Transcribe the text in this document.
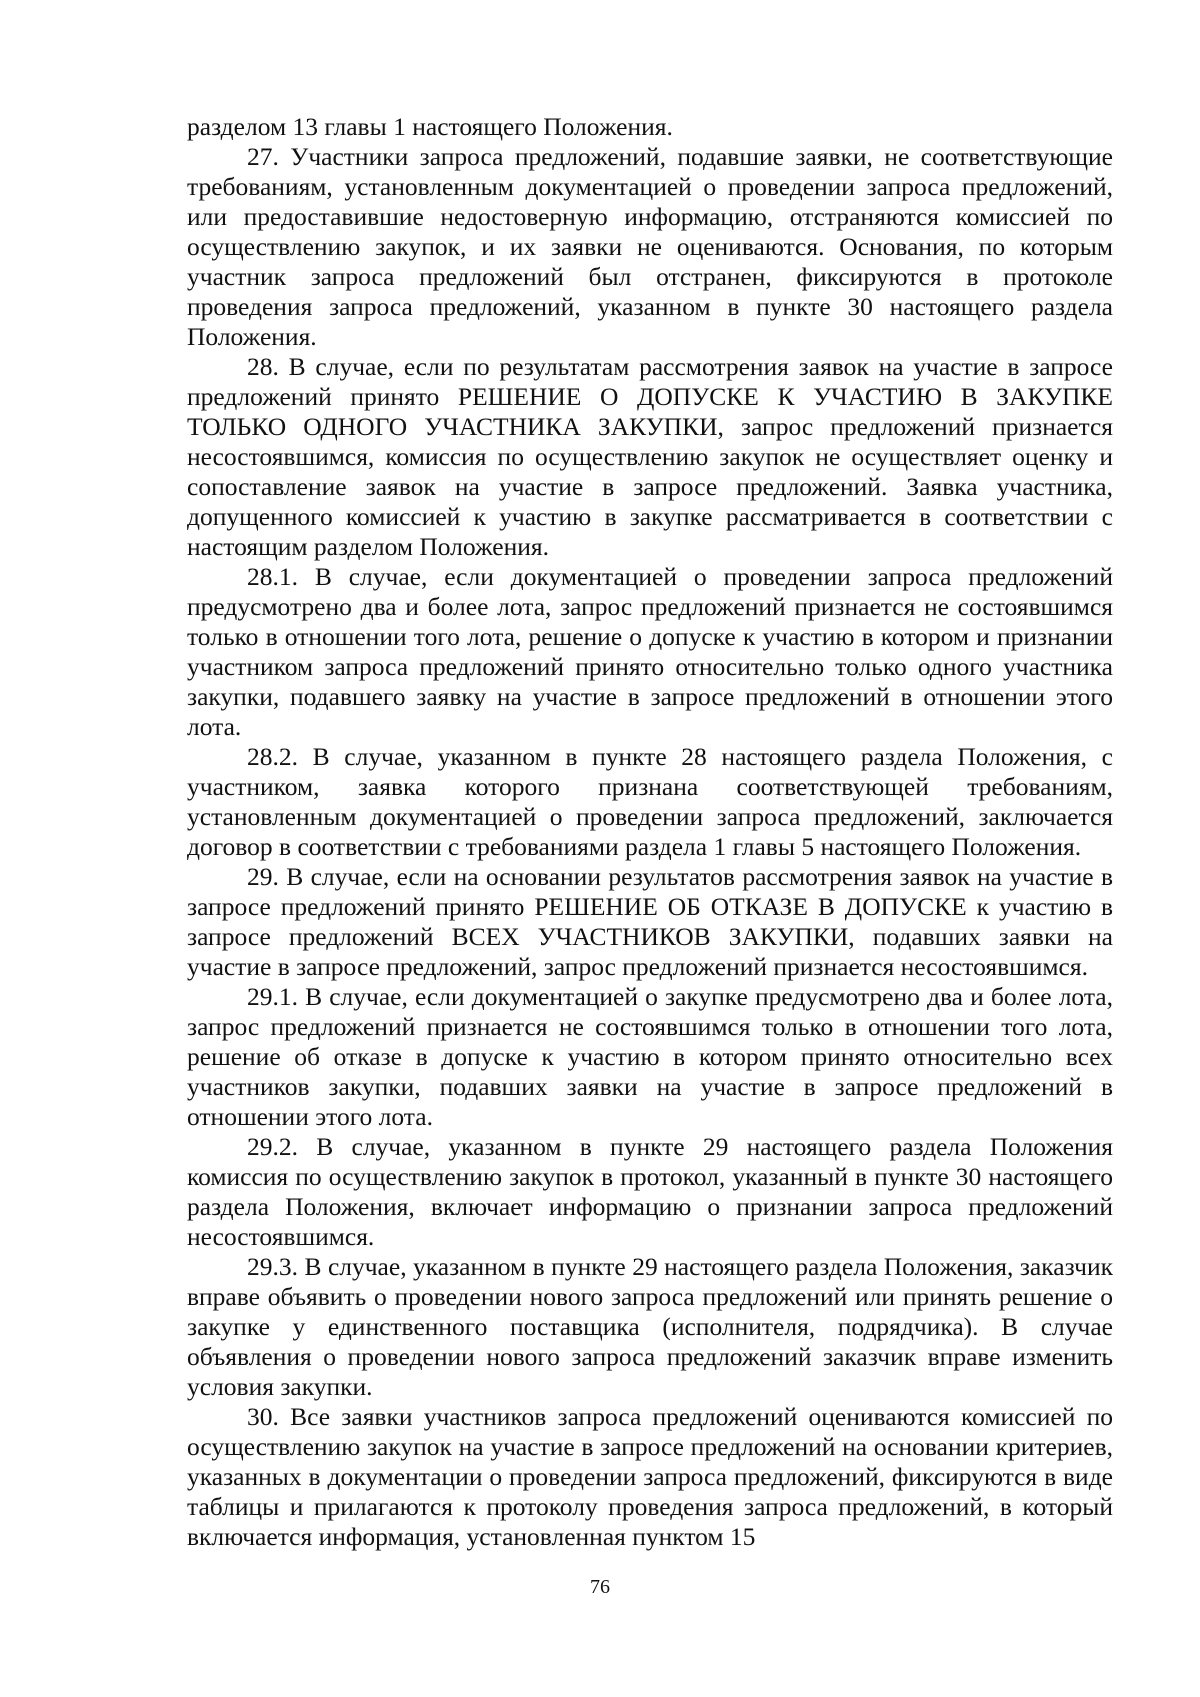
разделом 13 главы 1 настоящего Положения.

27. Участники запроса предложений, подавшие заявки, не соответствующие требованиям, установленным документацией о проведении запроса предложений, или предоставившие недостоверную информацию, отстраняются комиссией по осуществлению закупок, и их заявки не оцениваются. Основания, по которым участник запроса предложений был отстранен, фиксируются в протоколе проведения запроса предложений, указанном в пункте 30 настоящего раздела Положения.

28. В случае, если по результатам рассмотрения заявок на участие в запросе предложений принято РЕШЕНИЕ О ДОПУСКЕ К УЧАСТИЮ В ЗАКУПКЕ ТОЛЬКО ОДНОГО УЧАСТНИКА ЗАКУПКИ, запрос предложений признается несостоявшимся, комиссия по осуществлению закупок не осуществляет оценку и сопоставление заявок на участие в запросе предложений. Заявка участника, допущенного комиссией к участию в закупке рассматривается в соответствии с настоящим разделом Положения.

28.1. В случае, если документацией о проведении запроса предложений предусмотрено два и более лота, запрос предложений признается не состоявшимся только в отношении того лота, решение о допуске к участию в котором и признании участником запроса предложений принято относительно только одного участника закупки, подавшего заявку на участие в запросе предложений в отношении этого лота.

28.2. В случае, указанном в пункте 28 настоящего раздела Положения, с участником, заявка которого признана соответствующей требованиям, установленным документацией о проведении запроса предложений, заключается договор в соответствии с требованиями раздела 1 главы 5 настоящего Положения.

29. В случае, если на основании результатов рассмотрения заявок на участие в запросе предложений принято РЕШЕНИЕ ОБ ОТКАЗЕ В ДОПУСКЕ к участию в запросе предложений ВСЕХ УЧАСТНИКОВ ЗАКУПКИ, подавших заявки на участие в запросе предложений, запрос предложений признается несостоявшимся.

29.1. В случае, если документацией о закупке предусмотрено два и более лота, запрос предложений признается не состоявшимся только в отношении того лота, решение об отказе в допуске к участию в котором принято относительно всех участников закупки, подавших заявки на участие в запросе предложений в отношении этого лота.

29.2. В случае, указанном в пункте 29 настоящего раздела Положения комиссия по осуществлению закупок в протокол, указанный в пункте 30 настоящего раздела Положения, включает информацию о признании запроса предложений несостоявшимся.

29.3. В случае, указанном в пункте 29 настоящего раздела Положения, заказчик вправе объявить о проведении нового запроса предложений или принять решение о закупке у единственного поставщика (исполнителя, подрядчика). В случае объявления о проведении нового запроса предложений заказчик вправе изменить условия закупки.

30. Все заявки участников запроса предложений оцениваются комиссией по осуществлению закупок на участие в запросе предложений на основании критериев, указанных в документации о проведении запроса предложений, фиксируются в виде таблицы и прилагаются к протоколу проведения запроса предложений, в который включается информация, установленная пунктом 15

76
